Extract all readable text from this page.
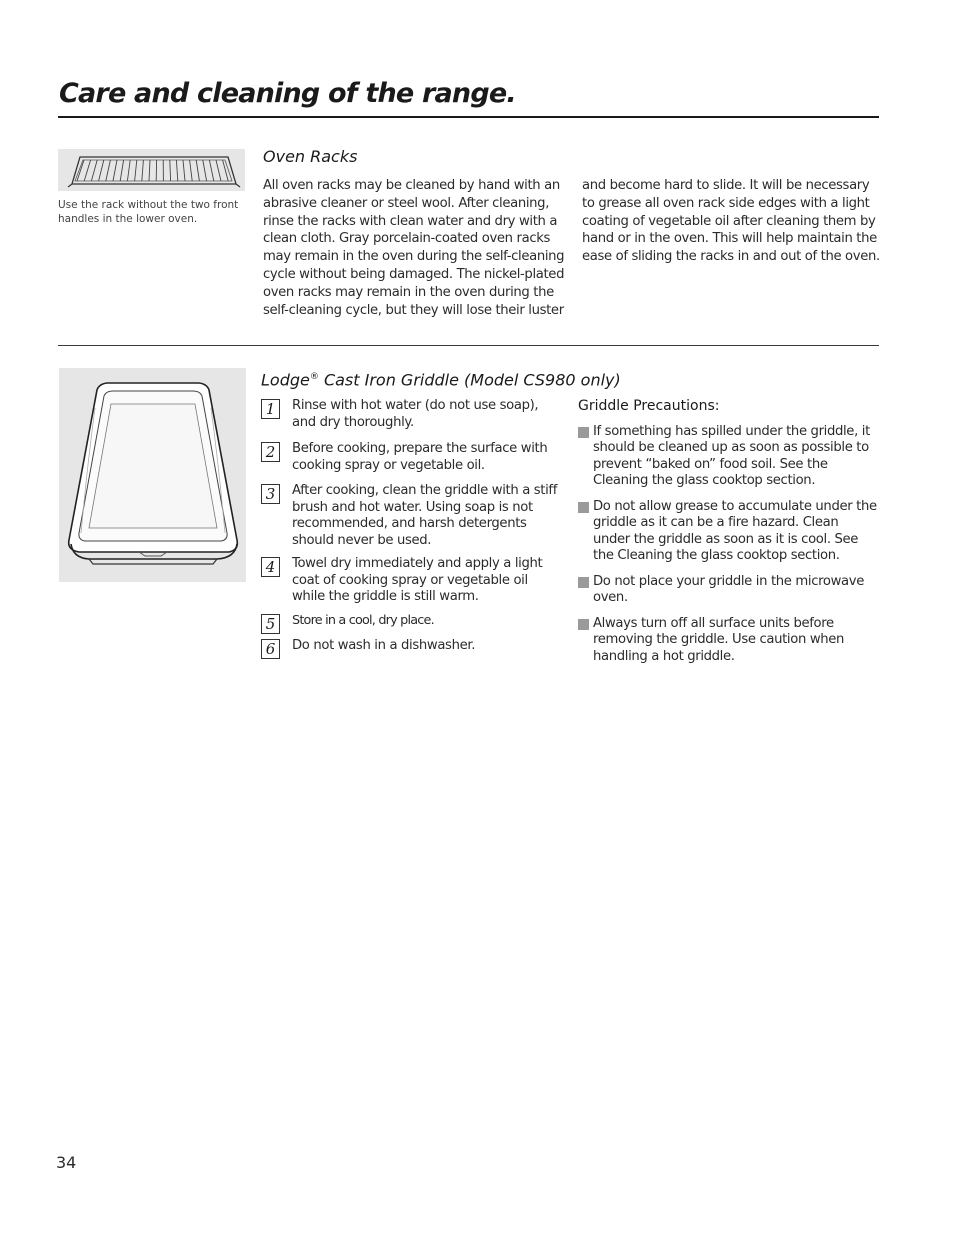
Care and cleaning of the range.
Use the rack without the two front handles in the lower oven.
Oven Racks
All oven racks may be cleaned by hand with an
abrasive cleaner or steel wool. After cleaning,
rinse the racks with clean water and dry with a
clean cloth. Gray porcelain-coated oven racks
may remain in the oven during the self-cleaning
cycle without being damaged. The nickel-plated
oven racks may remain in the oven during the
self-cleaning cycle, but they will lose their luster
and become hard to slide. It will be necessary
to grease all oven rack side edges with a light
coating of vegetable oil after cleaning them by
hand or in the oven. This will help maintain the
ease of sliding the racks in and out of the oven.
Lodge® Cast Iron Griddle (Model CS980 only)
1	Rinse with hot water (do not use soap), and dry thoroughly.
2	Before cooking, prepare the surface with cooking spray or vegetable oil.
3	After cooking, clean the griddle with a stiff brush and hot water. Using soap is not recommended, and harsh detergents should never be used.
4	Towel dry immediately and apply a light coat of cooking spray or vegetable oil while the griddle is still warm.
5	Store in a cool, dry place.
6	Do not wash in a dishwasher.
Griddle Precautions:
If something has spilled under the griddle, it should be cleaned up as soon as possible to prevent “baked on” food soil. See the Cleaning the glass cooktop section.
Do not allow grease to accumulate under the griddle as it can be a fire hazard. Clean under the griddle as soon as it is cool. See the Cleaning the glass cooktop section.
Do not place your griddle in the microwave oven.
Always turn off all surface units before removing the griddle. Use caution when handling a hot griddle.
34
